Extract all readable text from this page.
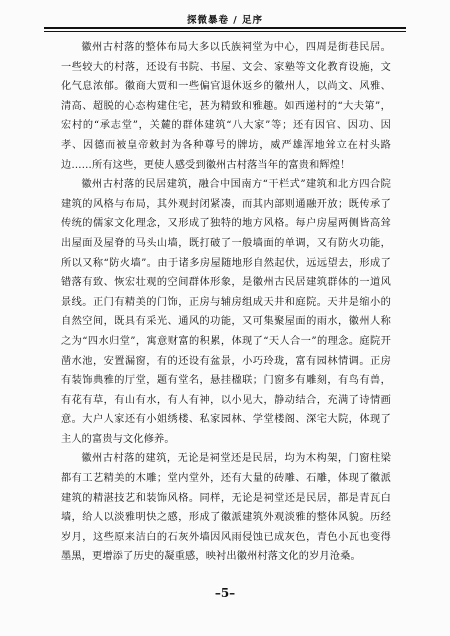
探微暴卷 / 足序

徽州古村落的整体布局大多以氏族祠堂为中心，四周是街巷民居。一些较大的村落，还设有书院、书屋、文会、家塾等文化教育设施，文化气息浓郁。徽商大贾和一些偏官退休返乡的徽州人，以尚文、风雅、清高、超脱的心态构建住宅，甚为精致和雅趣。如西递村的“大夫第”，宏村的“承志堂”，关麓的群体建筑“八大家”等；还有因官、因功、因孝、因德而被皇帝敕封为各种尊号的牌坊，威严雄浑地耸立在村头路边……所有这些，更使人感受到徽州古村落当年的富贵和辉煌！

徽州古村落的民居建筑，融合中国南方“干栏式”建筑和北方四合院建筑的风格与布局，其外观封闭紧凑，而其内部则通融开放；既传承了传统的儒家文化理念，又形成了独特的地方风格。每户房屋两侧皆高耸出屋面及屋脊的马头山墙，既打破了一般墙面的单调，又有防火功能，所以又称“防火墙”。由于诸多房屋随地形自然起伏，远远望去，形成了错落有致、恢宏壮观的空间群体形象，是徽州古民居建筑群体的一道风景线。正门有精美的门饰，正房与辅房组成天井和庭院。天井是缩小的自然空间，既具有采光、通风的功能，又可集聚屋面的雨水，徽州人称之为“四水归堂”，寓意财富的积累，体现了“天人合一”的理念。庭院开凿水池，安置漏窗，有的还设有盆景，小巧玲珑，富有园林情调。正房有装饰典雅的厅堂，题有堂名，悬挂楹联；门窗多有雕刻，有鸟有兽，有花有草，有山有水，有人有神，以小见大，静动结合，充满了诗情画意。大户人家还有小姐绣楼、私家园林、学堂楼阁、深宅大院，体现了主人的富贵与文化修养。

徽州古村落的建筑，无论是祠堂还是民居，均为木构架，门窗柱梁都有工艺精美的木雕；堂内堂外，还有大量的砖雕、石雕，体现了徽派建筑的精湛技艺和装饰风格。同样，无论是祠堂还是民居，都是青瓦白墙，给人以淡雅明快之感，形成了徽派建筑外观淡雅的整体风貌。历经岁月，这些原来洁白的石灰外墙因风雨侵蚀已成灰色，青色小瓦也变得墨黑，更增添了历史的凝重感，映衬出徽州村落文化的岁月沧桑。

–5–
